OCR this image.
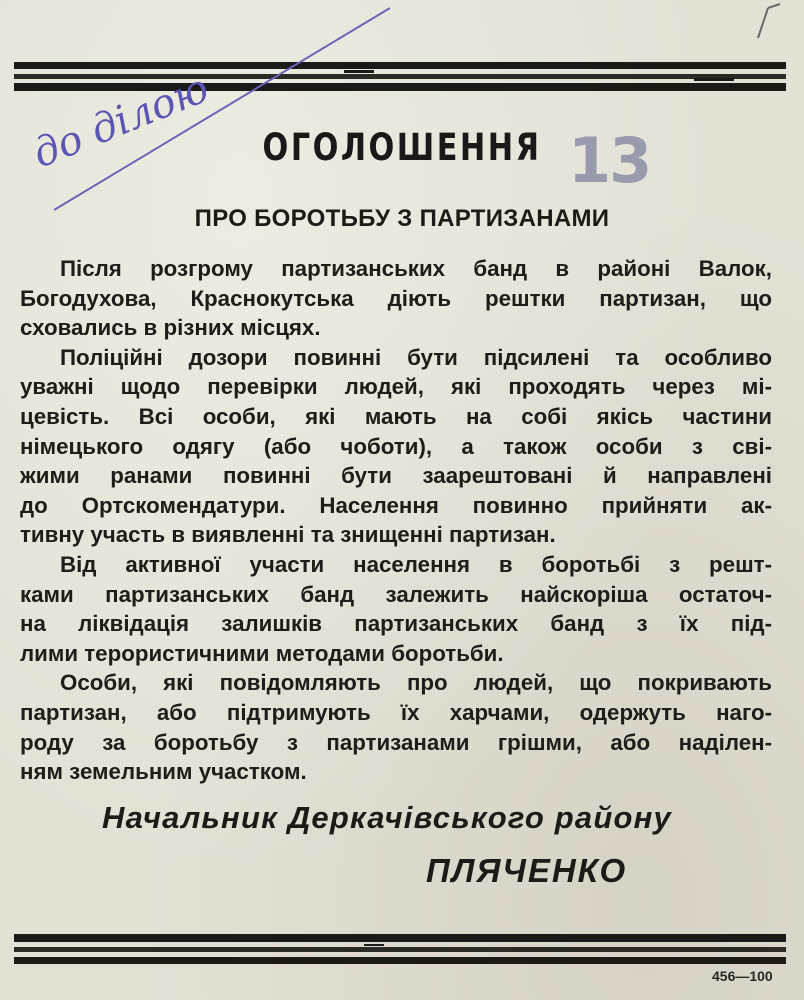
до ділою	13
ОГОЛОШЕННЯ
ПРО БОРОТЬБУ З ПАРТИЗАНАМИ
Після розгрому партизанських банд в районі Валок,
Богодухова, Краснокутська діють рештки партизан, що
сховались в різних місцях.
Поліційні дозори повинні бути підсилені та особливо
уважні щодо перевірки людей, які проходять через мі-
цевість. Всі особи, які мають на собі якісь частини
німецького одягу (або чоботи), а також особи з сві-
жими ранами повинні бути заарештовані й направлені
до Ортскомендатури. Населення повинно прийняти ак-
тивну участь в виявленні та знищенні партизан.
Від активної участи населення в боротьбі з решт-
ками партизанських банд залежить найскоріша остаточ-
на ліквідація залишків партизанських банд з їх під-
лими терористичними методами боротьби.
Особи, які повідомляють про людей, що покривають
партизан, або підтримують їх харчами, одержуть наго-
роду за боротьбу з партизанами грішми, або наділен-
ням земельним участком.
Начальник Деркачівського району
ПЛЯЧЕНКО
456—100
